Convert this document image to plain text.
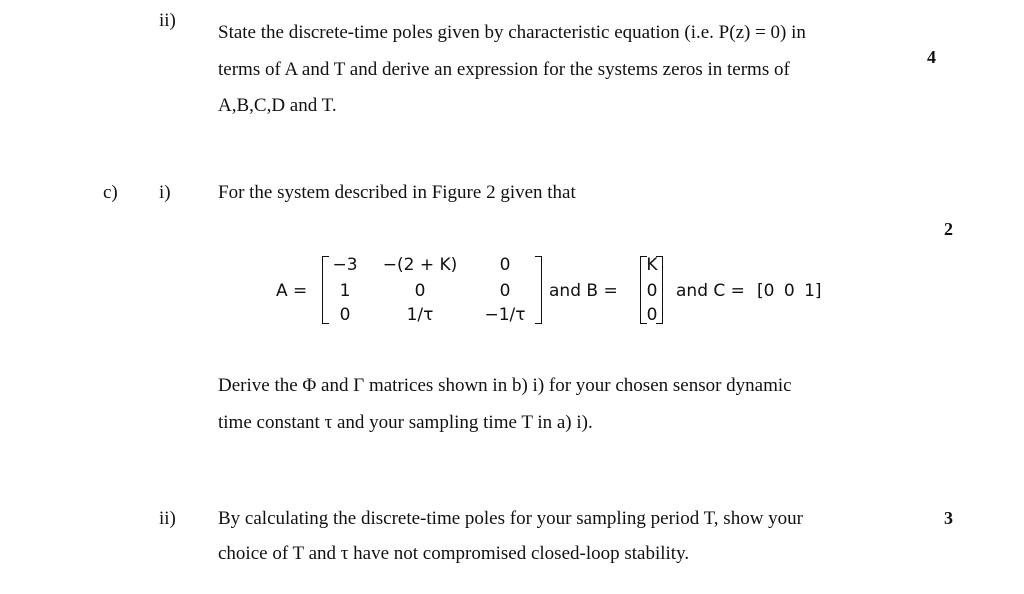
ii)
State the discrete-time poles given by characteristic equation (i.e. P(z) = 0) in
terms of A and T and derive an expression for the systems zeros in terms of
A,B,C,D and T.
4
c) i) For the system described in Figure 2 given that
2
A =
−3	−(2 + K)	0
1	0	0
0	1/τ	−1/τ
and B =
K
0
0
and C = [0 0 1]
Derive the Φ and Γ matrices shown in b) i) for your chosen sensor dynamic
time constant τ and your sampling time T in a) i).
ii) By calculating the discrete-time poles for your sampling period T, show your
choice of T and τ have not compromised closed-loop stability.
3
